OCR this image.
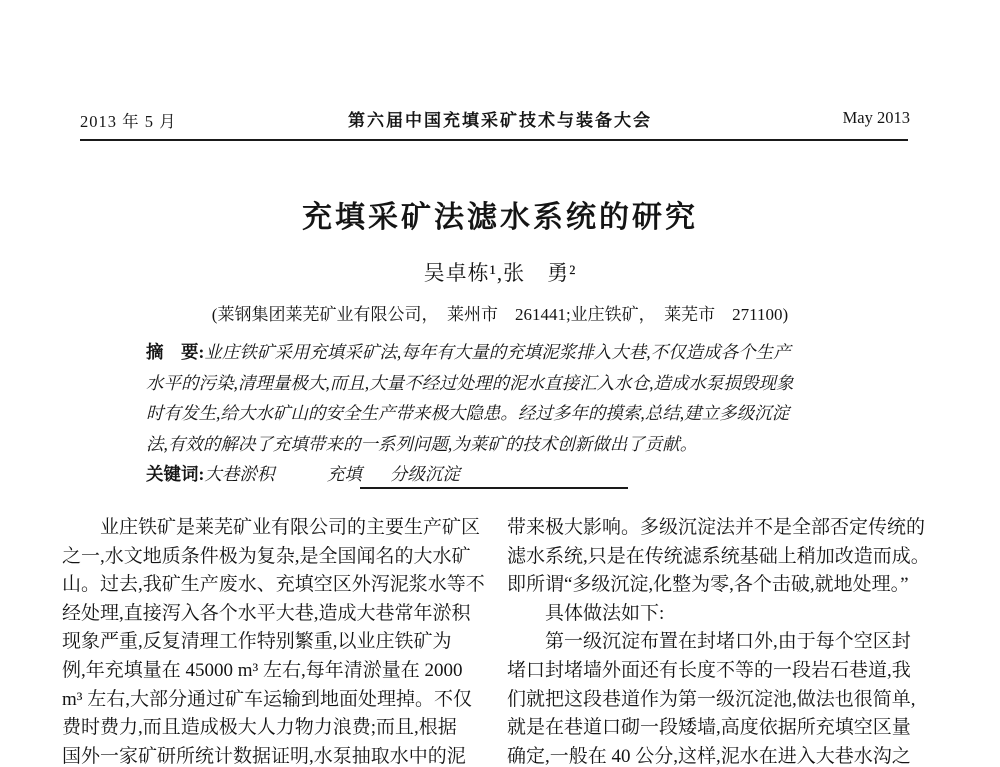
2013 年 5 月	第六届中国充填采矿技术与装备大会	May 2013
充填采矿法滤水系统的研究
吴卓栋¹,张　勇²
(莱钢集团莱芜矿业有限公司，　莱州市　261441;业庄铁矿，　莱芜市　271100)
摘　要:业庄铁矿采用充填采矿法,每年有大量的充填泥浆排入大巷,不仅造成各个生产
水平的污染,清理量极大,而且,大量不经过处理的泥水直接汇入水仓,造成水泵损毁现象
时有发生,给大水矿山的安全生产带来极大隐患。经过多年的摸索,总结,建立多级沉淀
法,有效的解决了充填带来的一系列问题,为莱矿的技术创新做出了贡献。
关键词:大巷淤积	充填 分级沉淀
　　业庄铁矿是莱芜矿业有限公司的主要生产矿区
之一,水文地质条件极为复杂,是全国闻名的大水矿
山。过去,我矿生产废水、充填空区外泻泥浆水等不
经处理,直接泻入各个水平大巷,造成大巷常年淤积
现象严重,反复清理工作特别繁重,以业庄铁矿为
例,年充填量在 45000 m³ 左右,每年清淤量在 2000
m³ 左右,大部分通过矿车运输到地面处理掉。不仅
费时费力,而且造成极大人力物力浪费;而且,根据
国外一家矿研所统计数据证明,水泵抽取水中的泥
带来极大影响。多级沉淀法并不是全部否定传统的
滤水系统,只是在传统滤系统基础上稍加改造而成。
即所谓“多级沉淀,化整为零,各个击破,就地处理。”
　　具体做法如下:
　　第一级沉淀布置在封堵口外,由于每个空区封
堵口封堵墙外面还有长度不等的一段岩石巷道,我
们就把这段巷道作为第一级沉淀池,做法也很简单,
就是在巷道口砌一段矮墙,高度依据所充填空区量
确定,一般在 40 公分,这样,泥水在进入大巷水沟之
